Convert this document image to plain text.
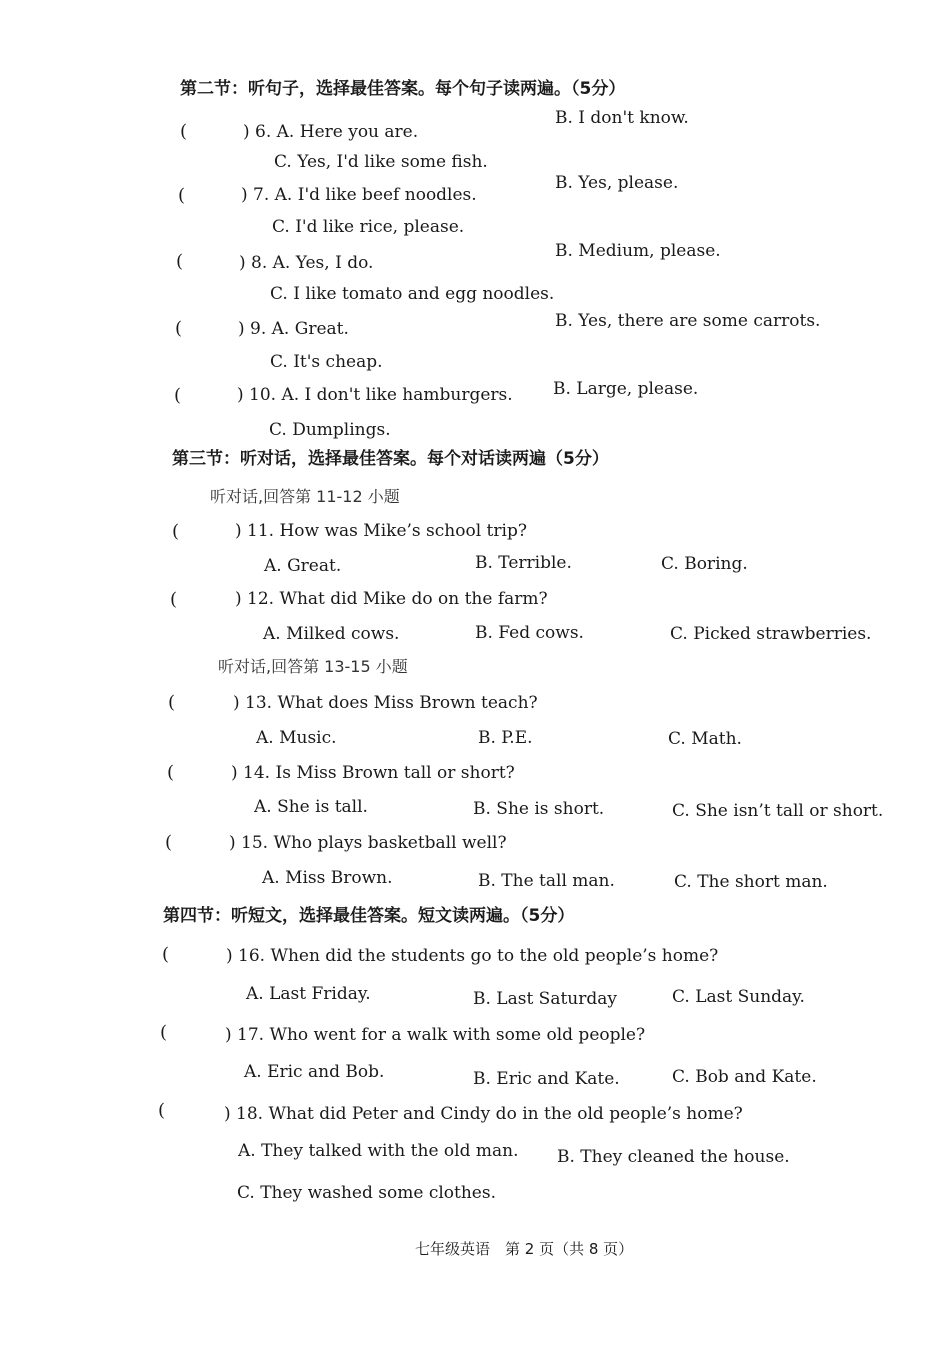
第二节：听句子，选择最佳答案。每个句子读两遍。（5分）
(	) 6. A. Here you are.
B. I don't know.
C. Yes, I'd like some fish.
(	) 7. A. I'd like beef noodles.
B. Yes, please.
C. I'd like rice, please.
(	) 8. A. Yes, I do.
B. Medium, please.
C. I like tomato and egg noodles.
(	) 9. A. Great.	B. Yes, there are some carrots.
C. It's cheap.
(	) 10. A. I don't like hamburgers. B. Large, please.
C. Dumplings.
第三节：听对话，选择最佳答案。每个对话读两遍（5分）
听对话,回答第 11-12 小题
(	) 11. How was Mike’s school trip?
A. Great.	B. Terrible.	C. Boring.
(	) 12. What did Mike do on the farm?
A. Milked cows.	B. Fed cows.	C. Picked strawberries.
听对话,回答第 13-15 小题
(	) 13. What does Miss Brown teach?
A. Music.	B. P.E.	C. Math.
(	) 14. Is Miss Brown tall or short?
A. She is tall.	B. She is short.	C. She isn’t tall or short.
(	) 15. Who plays basketball well?
A. Miss Brown.	B. The tall man.	C. The short man.
第四节：听短文，选择最佳答案。短文读两遍。（5分）
(	) 16. When did the students go to the old people’s home?
A. Last Friday.	B. Last Saturday	C. Last Sunday.
(	) 17. Who went for a walk with some old people?
A. Eric and Bob.	B. Eric and Kate.	C. Bob and Kate.
(	) 18. What did Peter and Cindy do in the old people’s home?
A. They talked with the old man. B. They cleaned the house.
C. They washed some clothes.
七年级英语　第 2 页（共 8 页）
